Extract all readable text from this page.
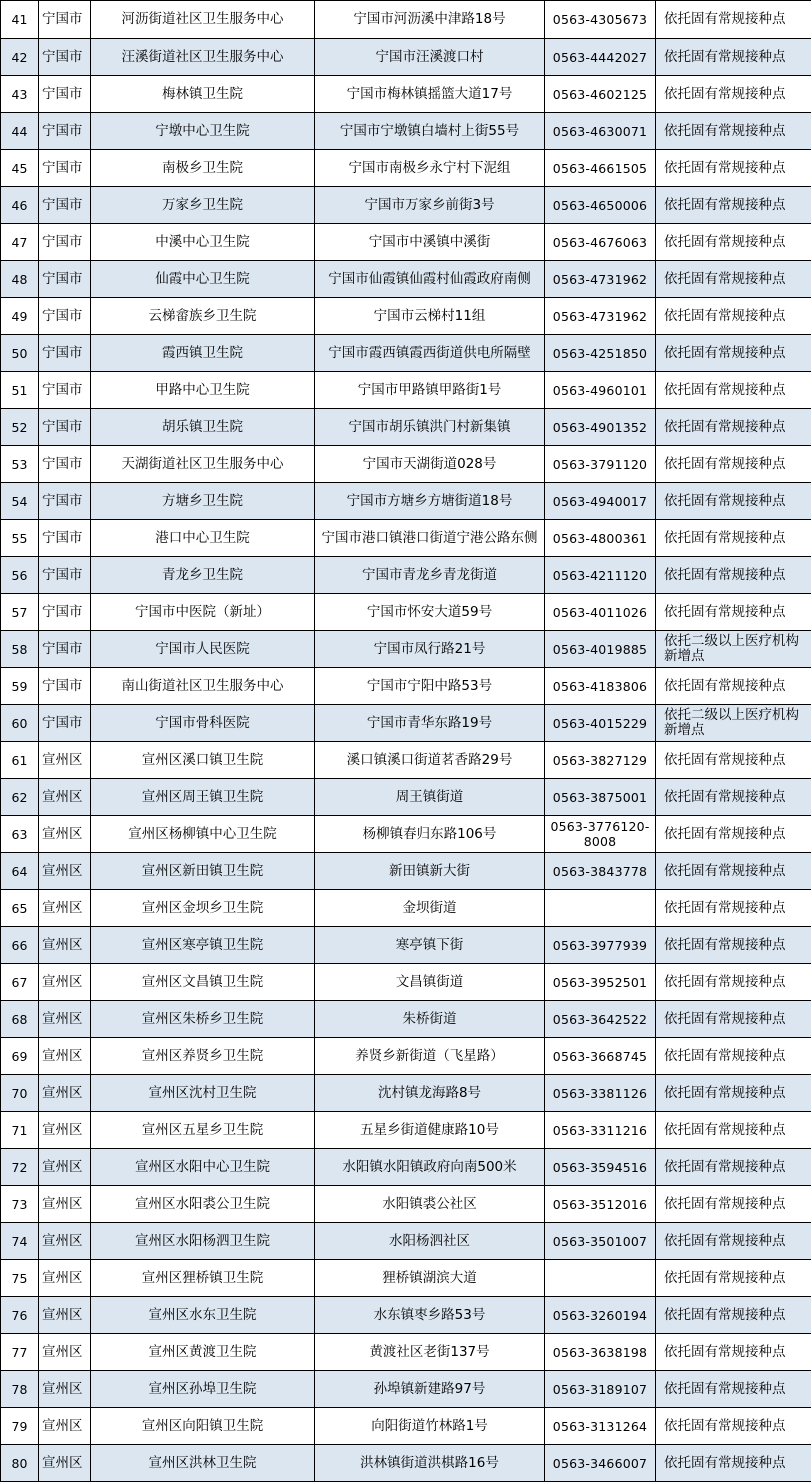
41	宁国市	河沥街道社区卫生服务中心	宁国市河沥溪中津路18号	0563-4305673	依托固有常规接种点
42	宁国市	汪溪街道社区卫生服务中心	宁国市汪溪渡口村	0563-4442027	依托固有常规接种点
43	宁国市	梅林镇卫生院	宁国市梅林镇摇篮大道17号	0563-4602125	依托固有常规接种点
44	宁国市	宁墩中心卫生院	宁国市宁墩镇白墙村上街55号	0563-4630071	依托固有常规接种点
45	宁国市	南极乡卫生院	宁国市南极乡永宁村下泥组	0563-4661505	依托固有常规接种点
46	宁国市	万家乡卫生院	宁国市万家乡前街3号	0563-4650006	依托固有常规接种点
47	宁国市	中溪中心卫生院	宁国市中溪镇中溪街	0563-4676063	依托固有常规接种点
48	宁国市	仙霞中心卫生院	宁国市仙霞镇仙霞村仙霞政府南侧	0563-4731962	依托固有常规接种点
49	宁国市	云梯畲族乡卫生院	宁国市云梯村11组	0563-4731962	依托固有常规接种点
50	宁国市	霞西镇卫生院	宁国市霞西镇霞西街道供电所隔壁	0563-4251850	依托固有常规接种点
51	宁国市	甲路中心卫生院	宁国市甲路镇甲路街1号	0563-4960101	依托固有常规接种点
52	宁国市	胡乐镇卫生院	宁国市胡乐镇洪门村新集镇	0563-4901352	依托固有常规接种点
53	宁国市	天湖街道社区卫生服务中心	宁国市天湖街道028号	0563-3791120	依托固有常规接种点
54	宁国市	方塘乡卫生院	宁国市方塘乡方塘街道18号	0563-4940017	依托固有常规接种点
55	宁国市	港口中心卫生院	宁国市港口镇港口街道宁港公路东侧	0563-4800361	依托固有常规接种点
56	宁国市	青龙乡卫生院	宁国市青龙乡青龙街道	0563-4211120	依托固有常规接种点
57	宁国市	宁国市中医院（新址）	宁国市怀安大道59号	0563-4011026	依托固有常规接种点
58	宁国市	宁国市人民医院	宁国市凤行路21号	0563-4019885	依托二级以上医疗机构新增点
59	宁国市	南山街道社区卫生服务中心	宁国市宁阳中路53号	0563-4183806	依托固有常规接种点
60	宁国市	宁国市骨科医院	宁国市青华东路19号	0563-4015229	依托二级以上医疗机构新增点
61	宣州区	宣州区溪口镇卫生院	溪口镇溪口街道茗香路29号	0563-3827129	依托固有常规接种点
62	宣州区	宣州区周王镇卫生院	周王镇街道	0563-3875001	依托固有常规接种点
63	宣州区	宣州区杨柳镇中心卫生院	杨柳镇春归东路106号	0563-3776120-8008	依托固有常规接种点
64	宣州区	宣州区新田镇卫生院	新田镇新大街	0563-3843778	依托固有常规接种点
65	宣州区	宣州区金坝乡卫生院	金坝街道		依托固有常规接种点
66	宣州区	宣州区寒亭镇卫生院	寒亭镇下街	0563-3977939	依托固有常规接种点
67	宣州区	宣州区文昌镇卫生院	文昌镇街道	0563-3952501	依托固有常规接种点
68	宣州区	宣州区朱桥乡卫生院	朱桥街道	0563-3642522	依托固有常规接种点
69	宣州区	宣州区养贤乡卫生院	养贤乡新街道（飞星路）	0563-3668745	依托固有常规接种点
70	宣州区	宣州区沈村卫生院	沈村镇龙海路8号	0563-3381126	依托固有常规接种点
71	宣州区	宣州区五星乡卫生院	五星乡街道健康路10号	0563-3311216	依托固有常规接种点
72	宣州区	宣州区水阳中心卫生院	水阳镇水阳镇政府向南500米	0563-3594516	依托固有常规接种点
73	宣州区	宣州区水阳裘公卫生院	水阳镇裘公社区	0563-3512016	依托固有常规接种点
74	宣州区	宣州区水阳杨泗卫生院	水阳杨泗社区	0563-3501007	依托固有常规接种点
75	宣州区	宣州区狸桥镇卫生院	狸桥镇湖滨大道		依托固有常规接种点
76	宣州区	宣州区水东卫生院	水东镇枣乡路53号	0563-3260194	依托固有常规接种点
77	宣州区	宣州区黄渡卫生院	黄渡社区老街137号	0563-3638198	依托固有常规接种点
78	宣州区	宣州区孙埠卫生院	孙埠镇新建路97号	0563-3189107	依托固有常规接种点
79	宣州区	宣州区向阳镇卫生院	向阳街道竹林路1号	0563-3131264	依托固有常规接种点
80	宣州区	宣州区洪林卫生院	洪林镇街道洪棋路16号	0563-3466007	依托固有常规接种点
